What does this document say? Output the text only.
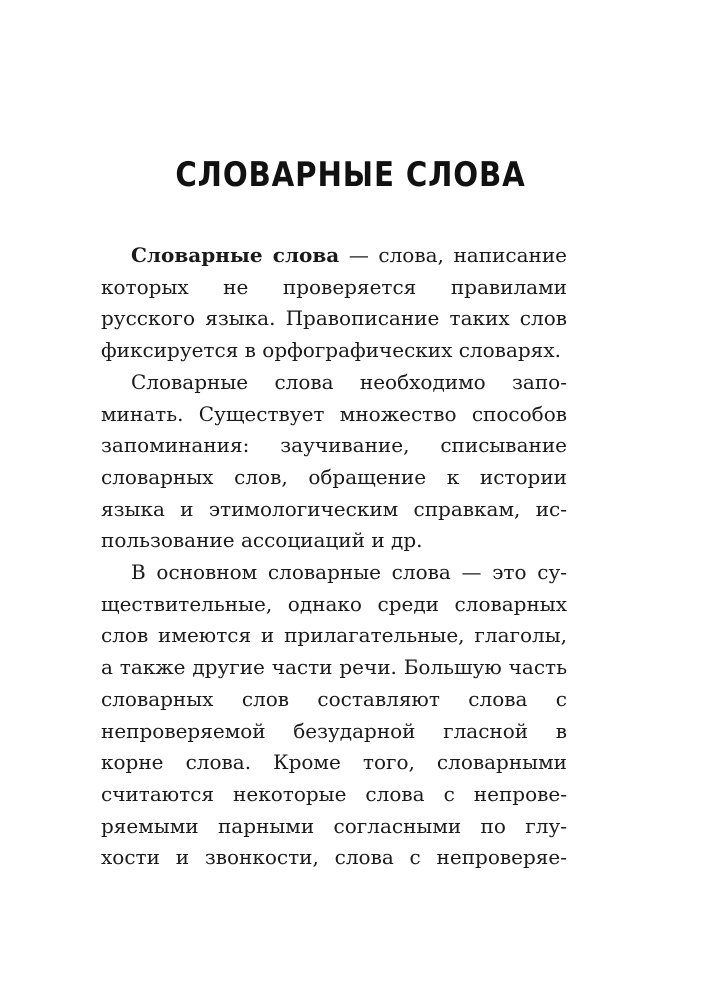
СЛОВАРНЫЕ СЛОВА

Словарные слова — слова, написание которых не проверяется правилами русского языка. Правописание таких слов фиксируется в орфографических словарях.

Словарные слова необходимо запоминать. Существует множество способов запоминания: заучивание, списывание словарных слов, обращение к истории языка и этимологическим справкам, использование ассоциаций и др.

В основном словарные слова — это существительные, однако среди словарных слов имеются и прилагательные, глаголы, а также другие части речи. Большую часть словарных слов составляют слова с непроверяемой безударной гласной в корне слова. Кроме того, словарными считаются некоторые слова с непроверяемыми парными согласными по глухости и звонкости, слова с непроверяе-
